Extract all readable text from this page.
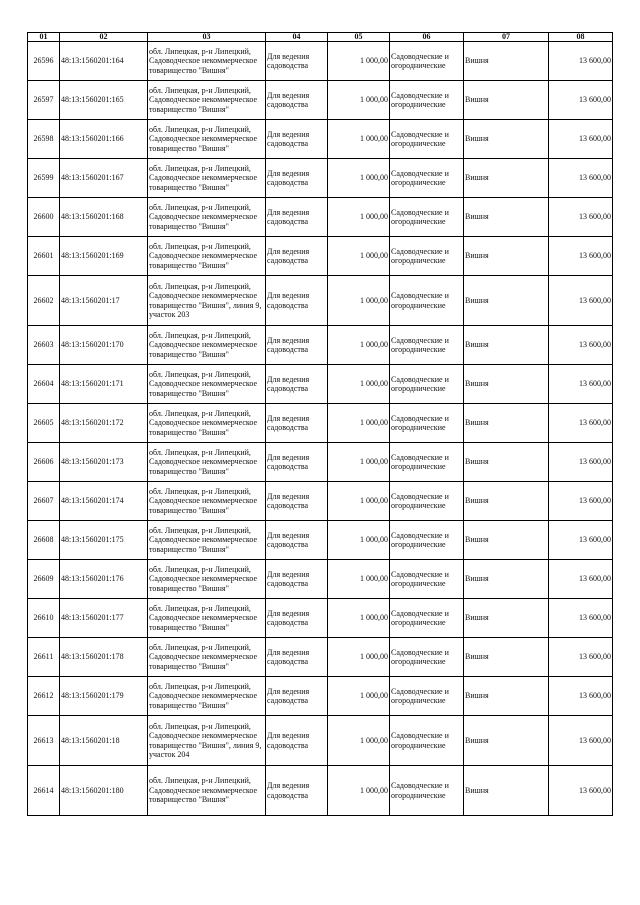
01	02	03	04	05	06	07	08
26596	48:13:1560201:164	обл. Липецкая, р-н Липецкий, Садоводческое некоммерческое товарищество "Вишня"	Для ведения садоводства	1 000,00	Садоводческие и огороднические	Вишня	13 600,00
26597	48:13:1560201:165	обл. Липецкая, р-н Липецкий, Садоводческое некоммерческое товарищество "Вишня"	Для ведения садоводства	1 000,00	Садоводческие и огороднические	Вишня	13 600,00
26598	48:13:1560201:166	обл. Липецкая, р-н Липецкий, Садоводческое некоммерческое товарищество "Вишня"	Для ведения садоводства	1 000,00	Садоводческие и огороднические	Вишня	13 600,00
26599	48:13:1560201:167	обл. Липецкая, р-н Липецкий, Садоводческое некоммерческое товарищество "Вишня"	Для ведения садоводства	1 000,00	Садоводческие и огороднические	Вишня	13 600,00
26600	48:13:1560201:168	обл. Липецкая, р-н Липецкий, Садоводческое некоммерческое товарищество "Вишня"	Для ведения садоводства	1 000,00	Садоводческие и огороднические	Вишня	13 600,00
26601	48:13:1560201:169	обл. Липецкая, р-н Липецкий, Садоводческое некоммерческое товарищество "Вишня"	Для ведения садоводства	1 000,00	Садоводческие и огороднические	Вишня	13 600,00
26602	48:13:1560201:17	обл. Липецкая, р-н Липецкий, Садоводческое некоммерческое товарищество "Вишня", линия 9, участок 203	Для ведения садоводства	1 000,00	Садоводческие и огороднические	Вишня	13 600,00
26603	48:13:1560201:170	обл. Липецкая, р-н Липецкий, Садоводческое некоммерческое товарищество "Вишня"	Для ведения садоводства	1 000,00	Садоводческие и огороднические	Вишня	13 600,00
26604	48:13:1560201:171	обл. Липецкая, р-н Липецкий, Садоводческое некоммерческое товарищество "Вишня"	Для ведения садоводства	1 000,00	Садоводческие и огороднические	Вишня	13 600,00
26605	48:13:1560201:172	обл. Липецкая, р-н Липецкий, Садоводческое некоммерческое товарищество "Вишня"	Для ведения садоводства	1 000,00	Садоводческие и огороднические	Вишня	13 600,00
26606	48:13:1560201:173	обл. Липецкая, р-н Липецкий, Садоводческое некоммерческое товарищество "Вишня"	Для ведения садоводства	1 000,00	Садоводческие и огороднические	Вишня	13 600,00
26607	48:13:1560201:174	обл. Липецкая, р-н Липецкий, Садоводческое некоммерческое товарищество "Вишня"	Для ведения садоводства	1 000,00	Садоводческие и огороднические	Вишня	13 600,00
26608	48:13:1560201:175	обл. Липецкая, р-н Липецкий, Садоводческое некоммерческое товарищество "Вишня"	Для ведения садоводства	1 000,00	Садоводческие и огороднические	Вишня	13 600,00
26609	48:13:1560201:176	обл. Липецкая, р-н Липецкий, Садоводческое некоммерческое товарищество "Вишня"	Для ведения садоводства	1 000,00	Садоводческие и огороднические	Вишня	13 600,00
26610	48:13:1560201:177	обл. Липецкая, р-н Липецкий, Садоводческое некоммерческое товарищество "Вишня"	Для ведения садоводства	1 000,00	Садоводческие и огороднические	Вишня	13 600,00
26611	48:13:1560201:178	обл. Липецкая, р-н Липецкий, Садоводческое некоммерческое товарищество "Вишня"	Для ведения садоводства	1 000,00	Садоводческие и огороднические	Вишня	13 600,00
26612	48:13:1560201:179	обл. Липецкая, р-н Липецкий, Садоводческое некоммерческое товарищество "Вишня"	Для ведения садоводства	1 000,00	Садоводческие и огороднические	Вишня	13 600,00
26613	48:13:1560201:18	обл. Липецкая, р-н Липецкий, Садоводческое некоммерческое товарищество "Вишня", линия 9, участок 204	Для ведения садоводства	1 000,00	Садоводческие и огороднические	Вишня	13 600,00
26614	48:13:1560201:180	обл. Липецкая, р-н Липецкий, Садоводческое некоммерческое товарищество "Вишня"	Для ведения садоводства	1 000,00	Садоводческие и огороднические	Вишня	13 600,00
